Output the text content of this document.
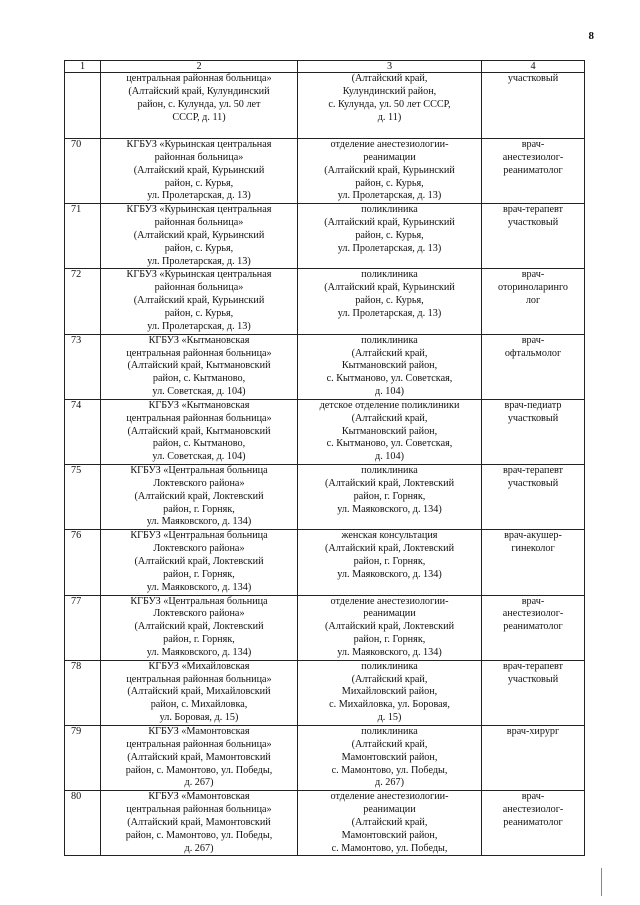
8
1	2	3	4
	центральная районная больница»
(Алтайский край, Кулундинский
район, с. Кулунда, ул. 50 лет
СССР, д. 11)	(Алтайский край,
Кулундинский район,
с. Кулунда, ул. 50 лет СССР,
д. 11)	участковый
70	КГБУЗ «Курьинская центральная
районная больница»
(Алтайский край, Курьинский
район, с. Курья,
ул. Пролетарская, д. 13)	отделение анестезиологии-
реанимации
(Алтайский край, Курьинский
район, с. Курья,
ул. Пролетарская, д. 13)	врач-
анестезиолог-
реаниматолог
71	КГБУЗ «Курьинская центральная
районная больница»
(Алтайский край, Курьинский
район, с. Курья,
ул. Пролетарская, д. 13)	поликлиника
(Алтайский край, Курьинский
район, с. Курья,
ул. Пролетарская, д. 13)	врач-терапевт
участковый
72	КГБУЗ «Курьинская центральная
районная больница»
(Алтайский край, Курьинский
район, с. Курья,
ул. Пролетарская, д. 13)	поликлиника
(Алтайский край, Курьинский
район, с. Курья,
ул. Пролетарская, д. 13)	врач-
оториноларинго
лог
73	КГБУЗ «Кытмановская
центральная районная больница»
(Алтайский край, Кытмановский
район, с. Кытманово,
ул. Советская, д. 104)	поликлиника
(Алтайский край,
Кытмановский район,
с. Кытманово, ул. Советская,
д. 104)	врач-
офтальмолог
74	КГБУЗ «Кытмановская
центральная районная больница»
(Алтайский край, Кытмановский
район, с. Кытманово,
ул. Советская, д. 104)	детское отделение поликлиники
(Алтайский край,
Кытмановский район,
с. Кытманово, ул. Советская,
д. 104)	врач-педиатр
участковый
75	КГБУЗ «Центральная больница
Локтевского района»
(Алтайский край, Локтевский
район, г. Горняк,
ул. Маяковского, д. 134)	поликлиника
(Алтайский край, Локтевский
район, г. Горняк,
ул. Маяковского, д. 134)	врач-терапевт
участковый
76	КГБУЗ «Центральная больница
Локтевского района»
(Алтайский край, Локтевский
район, г. Горняк,
ул. Маяковского, д. 134)	женская консультация
(Алтайский край, Локтевский
район, г. Горняк,
ул. Маяковского, д. 134)	врач-акушер-
гинеколог
77	КГБУЗ «Центральная больница
Локтевского района»
(Алтайский край, Локтевский
район, г. Горняк,
ул. Маяковского, д. 134)	отделение анестезиологии-
реанимации
(Алтайский край, Локтевский
район, г. Горняк,
ул. Маяковского, д. 134)	врач-
анестезиолог-
реаниматолог
78	КГБУЗ «Михайловская
центральная районная больница»
(Алтайский край, Михайловский
район, с. Михайловка,
ул. Боровая, д. 15)	поликлиника
(Алтайский край,
Михайловский район,
с. Михайловка, ул. Боровая,
д. 15)	врач-терапевт
участковый
79	КГБУЗ «Мамонтовская
центральная районная больница»
(Алтайский край, Мамонтовский
район, с. Мамонтово, ул. Победы,
д. 267)	поликлиника
(Алтайский край,
Мамонтовский район,
с. Мамонтово, ул. Победы,
д. 267)	врач-хирург
80	КГБУЗ «Мамонтовская
центральная районная больница»
(Алтайский край, Мамонтовский
район, с. Мамонтово, ул. Победы,
д. 267)	отделение анестезиологии-
реанимации
(Алтайский край,
Мамонтовский район,
с. Мамонтово, ул. Победы,	врач-
анестезиолог-
реаниматолог
